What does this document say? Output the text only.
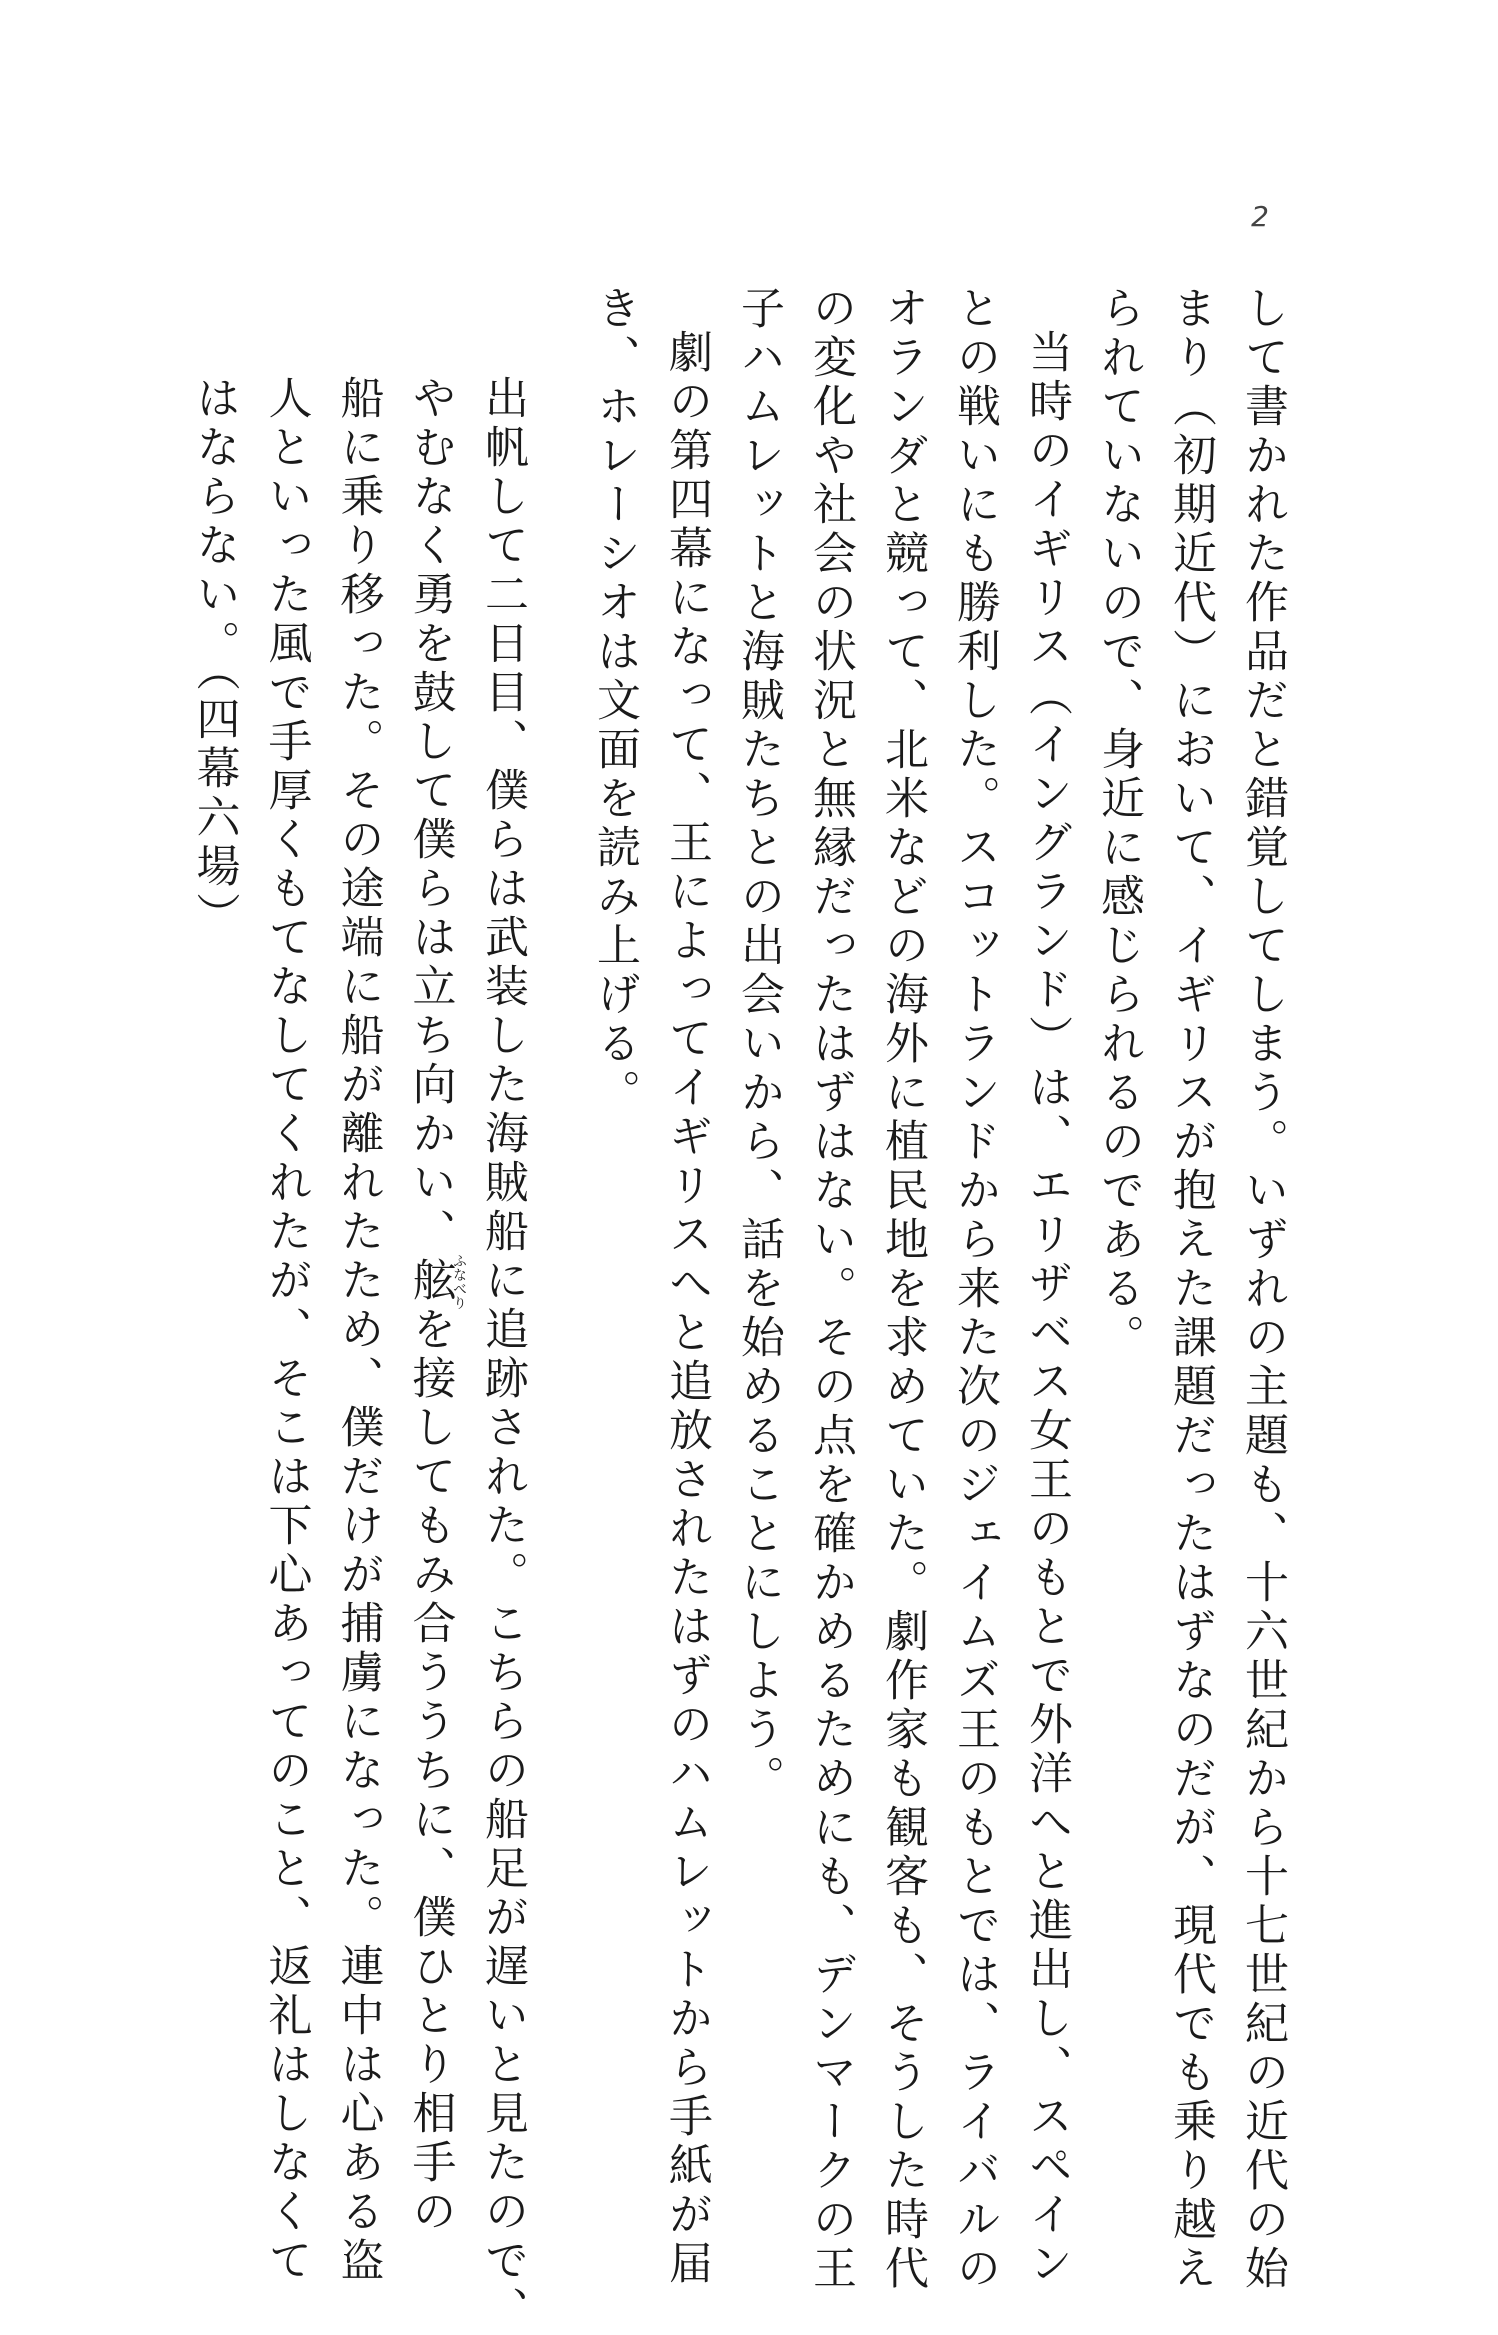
2
して書かれた作品だと錯覚してしまう。いずれの主題も、十六世紀から十七世紀の近代の始
まり（初期近代）において、イギリスが抱えた課題だったはずなのだが、現代でも乗り越え
られていないので、身近に感じられるのである。
当時のイギリス（イングランド）は、エリザベス女王のもとで外洋へと進出し、スペイン
との戦いにも勝利した。スコットランドから来た次のジェイムズ王のもとでは、ライバルの
オランダと競って、北米などの海外に植民地を求めていた。劇作家も観客も、そうした時代
の変化や社会の状況と無縁だったはずはない。その点を確かめるためにも、デンマークの王
子ハムレットと海賊たちとの出会いから、話を始めることにしよう。
劇の第四幕になって、王によってイギリスへと追放されたはずのハムレットから手紙が届
き、ホレーシオは文面を読み上げる。
出帆して二日目、僕らは武装した海賊船に追跡された。こちらの船足が遅いと見たので、
やむなく勇を鼓して僕らは立ち向かい、舷ふなべりを接してもみ合ううちに、僕ひとり相手の
船に乗り移った。その途端に船が離れたため、僕だけが捕虜になった。連中は心ある盗
人といった風で手厚くもてなしてくれたが、そこは下心あってのこと、返礼はしなくて
はならない。（四幕六場）
